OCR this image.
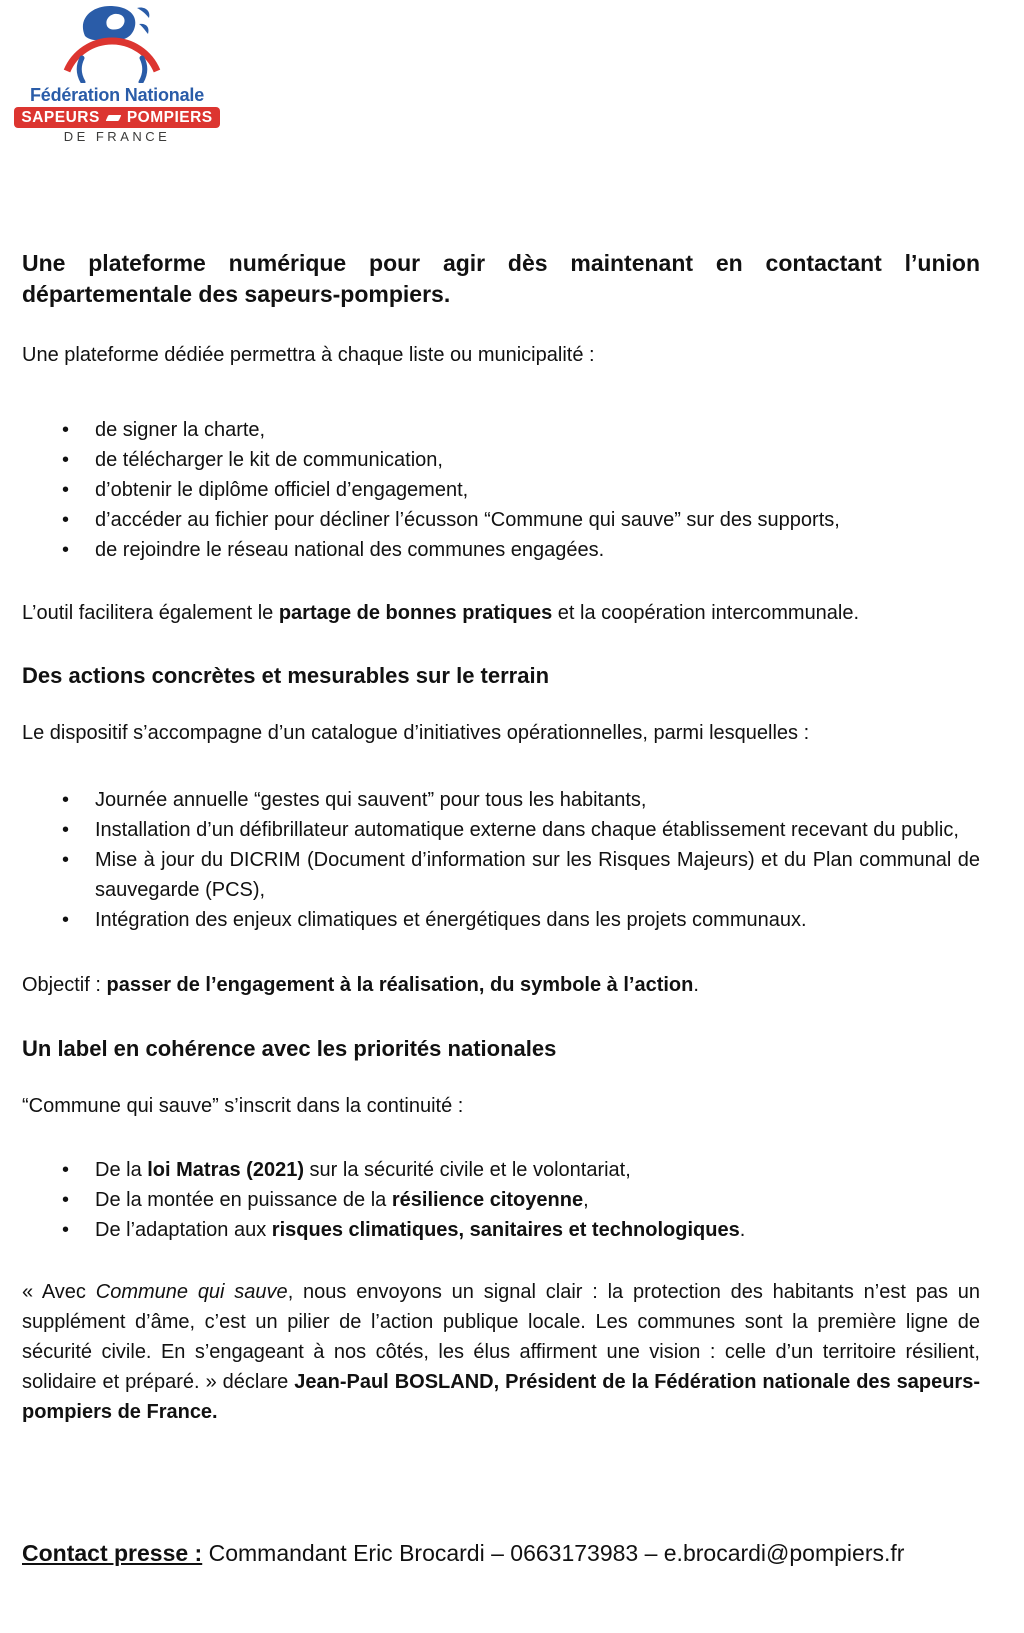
Fédération Nationale
SAPEURS POMPIERS
DE FRANCE
Une plateforme numérique pour agir dès maintenant en contactant l’union départementale des sapeurs-pompiers.

Une plateforme dédiée permettra à chaque liste ou municipalité :

• de signer la charte,
• de télécharger le kit de communication,
• d’obtenir le diplôme officiel d’engagement,
• d’accéder au fichier pour décliner l’écusson “Commune qui sauve” sur des supports,
• de rejoindre le réseau national des communes engagées.

L’outil facilitera également le partage de bonnes pratiques et la coopération intercommunale.

Des actions concrètes et mesurables sur le terrain

Le dispositif s’accompagne d’un catalogue d’initiatives opérationnelles, parmi lesquelles :

• Journée annuelle “gestes qui sauvent” pour tous les habitants,
• Installation d’un défibrillateur automatique externe dans chaque établissement recevant du public,
• Mise à jour du DICRIM (Document d’information sur les Risques Majeurs) et du Plan communal de sauvegarde (PCS),
• Intégration des enjeux climatiques et énergétiques dans les projets communaux.

Objectif : passer de l’engagement à la réalisation, du symbole à l’action.

Un label en cohérence avec les priorités nationales

“Commune qui sauve” s’inscrit dans la continuité :

• De la loi Matras (2021) sur la sécurité civile et le volontariat,
• De la montée en puissance de la résilience citoyenne,
• De l’adaptation aux risques climatiques, sanitaires et technologiques.

« Avec Commune qui sauve, nous envoyons un signal clair : la protection des habitants n’est pas un supplément d’âme, c’est un pilier de l’action publique locale. Les communes sont la première ligne de sécurité civile. En s’engageant à nos côtés, les élus affirment une vision : celle d’un territoire résilient, solidaire et préparé. » déclare Jean-Paul BOSLAND, Président de la Fédération nationale des sapeurs-pompiers de France.

Contact presse : Commandant Eric Brocardi – 0663173983 – e.brocardi@pompiers.fr
